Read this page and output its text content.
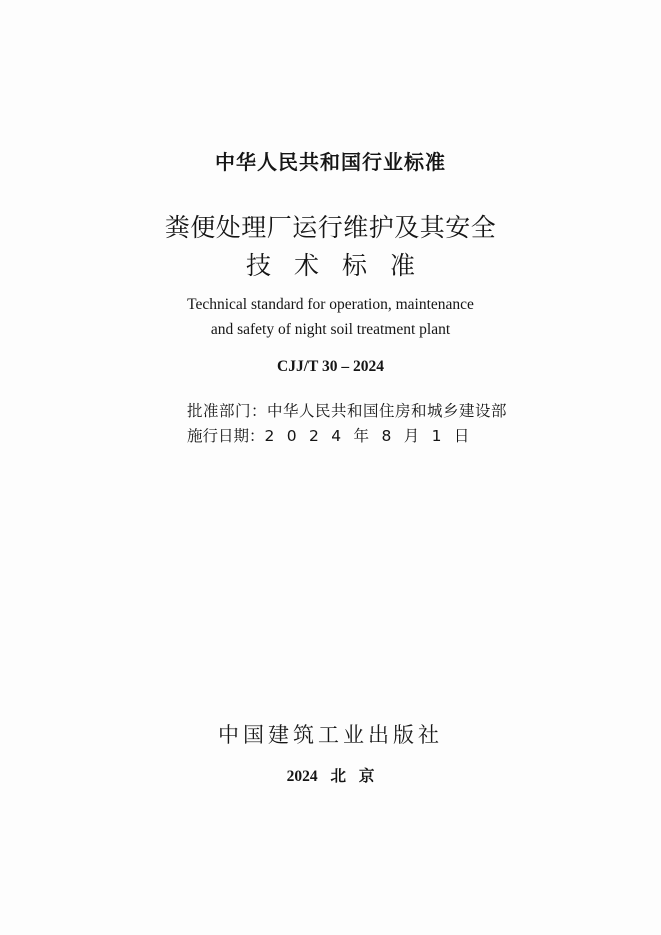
中华人民共和国行业标准
粪便处理厂运行维护及其安全
技术标准
Technical standard for operation, maintenance
and safety of night soil treatment plant
CJJ/T 30 – 2024
批准部门：中华人民共和国住房和城乡建设部
施行日期：2024年8月1日
中国建筑工业出版社
2024 北 京
